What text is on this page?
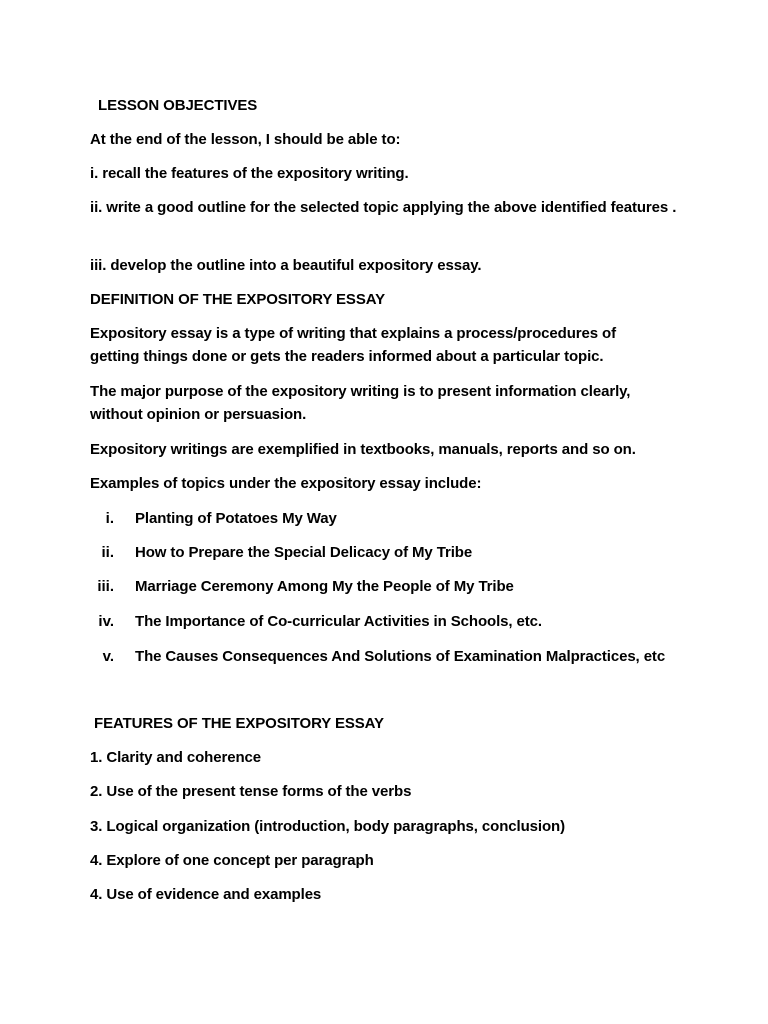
LESSON OBJECTIVES
At the end of the lesson, I should be able to:
i. recall the features of the expository writing.
ii. write a good outline for the selected topic applying the above identified features .
iii. develop the outline into a beautiful expository essay.
DEFINITION OF THE EXPOSITORY ESSAY
Expository essay is a type of writing that explains a process/procedures of getting things done or gets the readers informed about a particular topic.
The major purpose of the expository writing is to present information clearly, without opinion or persuasion.
Expository writings are exemplified in textbooks, manuals, reports and so on.
Examples of topics under the expository essay include:
i. Planting of Potatoes My Way
ii. How to Prepare the Special Delicacy of My Tribe
iii. Marriage Ceremony Among My the People of My Tribe
iv. The Importance of Co-curricular Activities in Schools, etc.
v. The Causes Consequences And Solutions of Examination Malpractices, etc
FEATURES OF THE EXPOSITORY ESSAY
1. Clarity and coherence
2. Use of the present tense forms of the verbs
3. Logical organization (introduction, body paragraphs, conclusion)
4. Explore of one concept per paragraph
4. Use of evidence and examples
